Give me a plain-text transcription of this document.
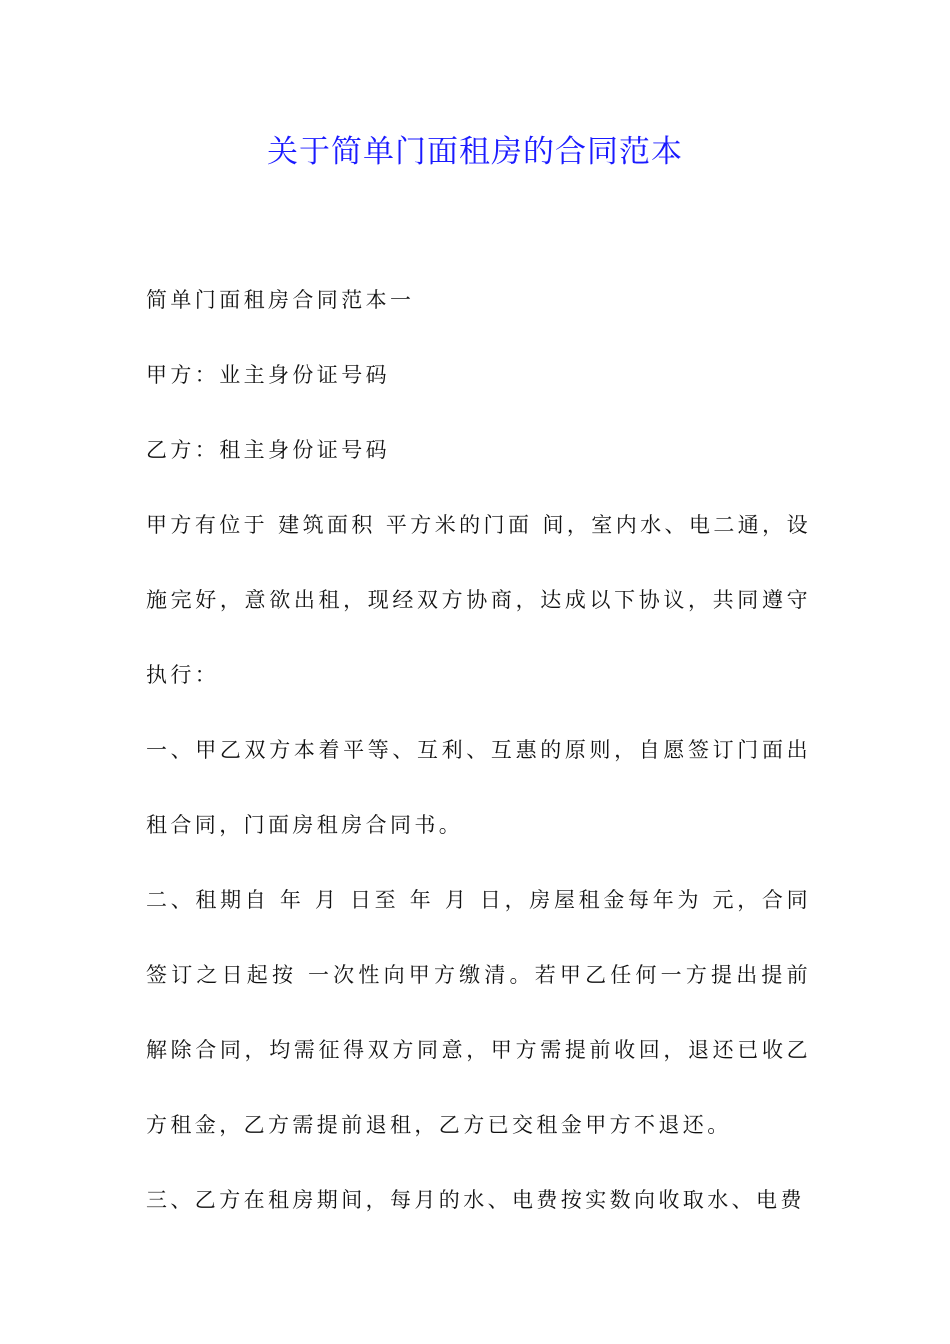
关于简单门面租房的合同范本

简单门面租房合同范本一

甲方：业主身份证号码

乙方：租主身份证号码

甲方有位于 建筑面积 平方米的门面 间，室内水、电二通，设施完好，意欲出租，现经双方协商，达成以下协议，共同遵守执行：

一、甲乙双方本着平等、互利、互惠的原则，自愿签订门面出租合同，门面房租房合同书。

二、租期自 年 月 日至 年 月 日，房屋租金每年为 元，合同签订之日起按 一次性向甲方缴清。若甲乙任何一方提出提前解除合同，均需征得双方同意，甲方需提前收回，退还已收乙方租金，乙方需提前退租，乙方已交租金甲方不退还。

三、乙方在租房期间，每月的水、电费按实数向收取水、电费
